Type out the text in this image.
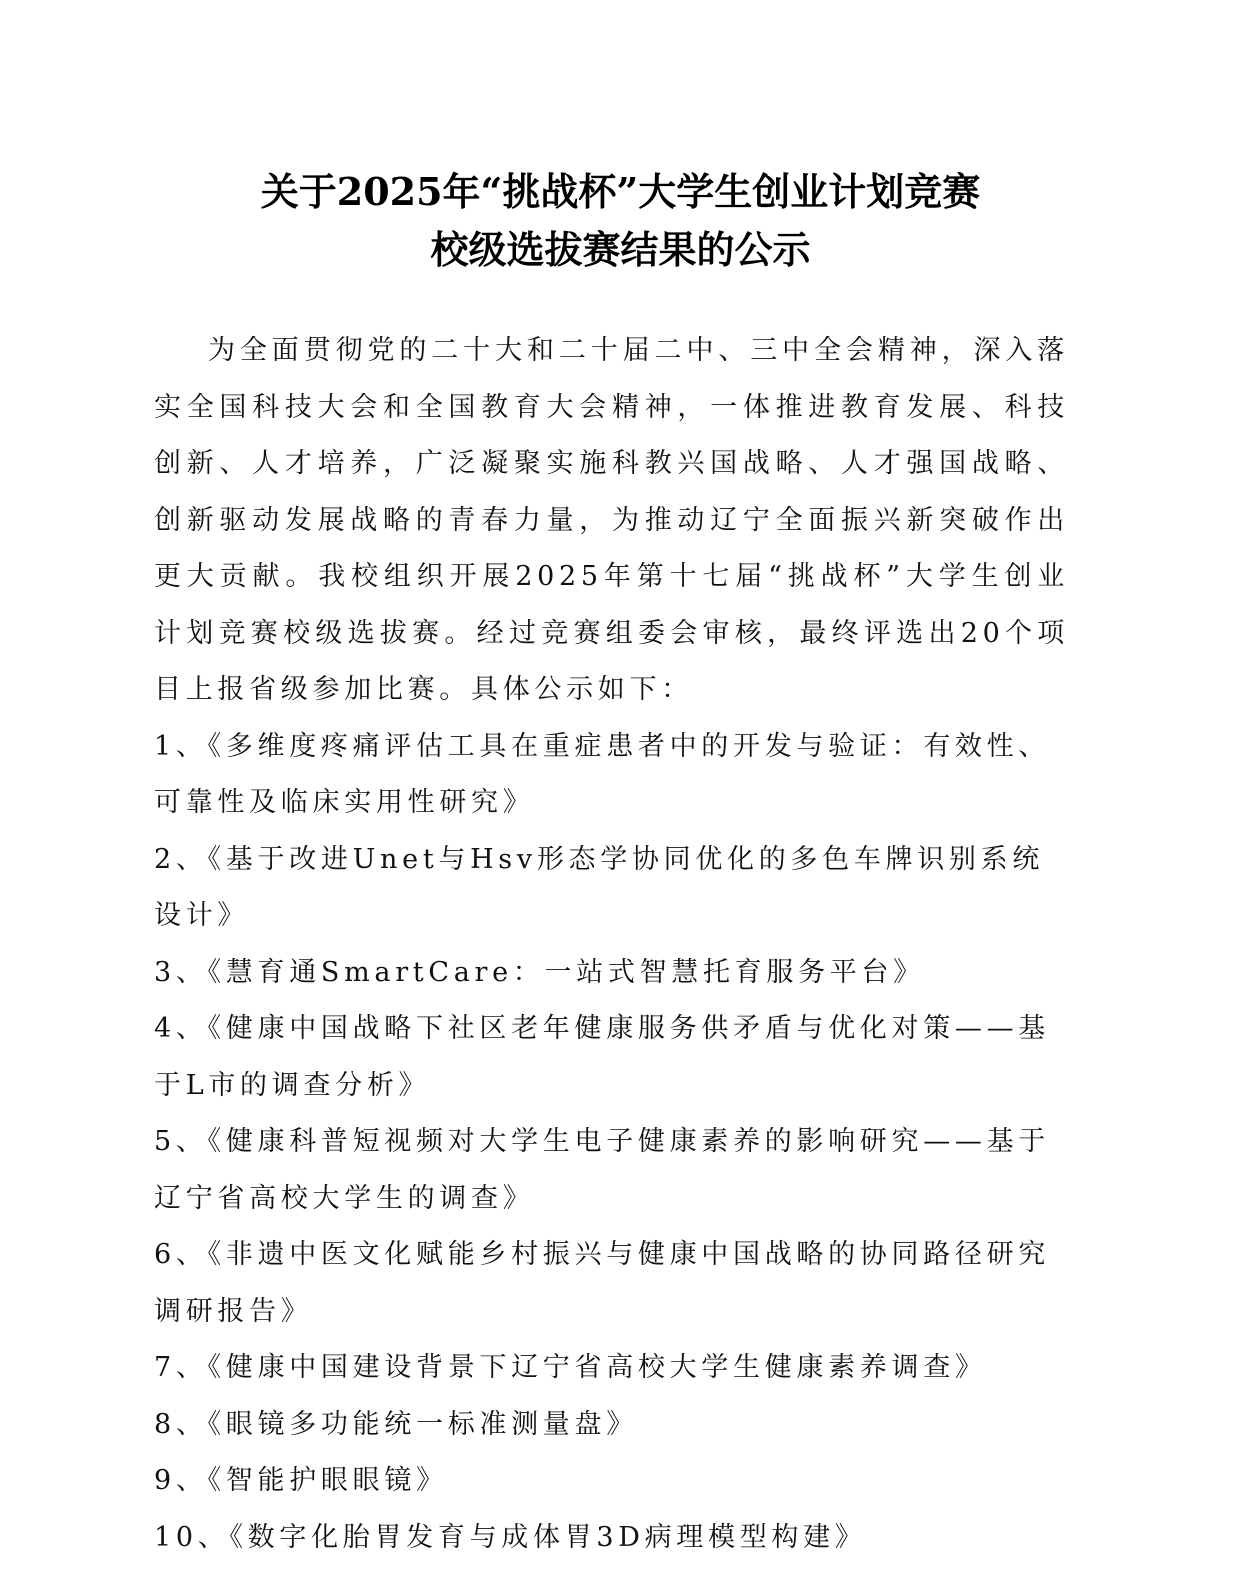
关于2025年“挑战杯”大学生创业计划竞赛
校级选拔赛结果的公示

为全面贯彻党的二十大和二十届二中、三中全会精神，深入落实全国科技大会和全国教育大会精神，一体推进教育发展、科技创新、人才培养，广泛凝聚实施科教兴国战略、人才强国战略、创新驱动发展战略的青春力量，为推动辽宁全面振兴新突破作出更大贡献。我校组织开展2025年第十七届“挑战杯”大学生创业计划竞赛校级选拔赛。经过竞赛组委会审核，最终评选出20个项目上报省级参加比赛。具体公示如下：

1、《多维度疼痛评估工具在重症患者中的开发与验证：有效性、可靠性及临床实用性研究》

2、《基于改进Unet与Hsv形态学协同优化的多色车牌识别系统设计》

3、《慧育通SmartCare：一站式智慧托育服务平台》

4、《健康中国战略下社区老年健康服务供矛盾与优化对策——基于L市的调查分析》

5、《健康科普短视频对大学生电子健康素养的影响研究——基于辽宁省高校大学生的调查》

6、《非遗中医文化赋能乡村振兴与健康中国战略的协同路径研究调研报告》

7、《健康中国建设背景下辽宁省高校大学生健康素养调查》

8、《眼镜多功能统一标准测量盘》

9、《智能护眼眼镜》

10、《数字化胎胃发育与成体胃3D病理模型构建》
